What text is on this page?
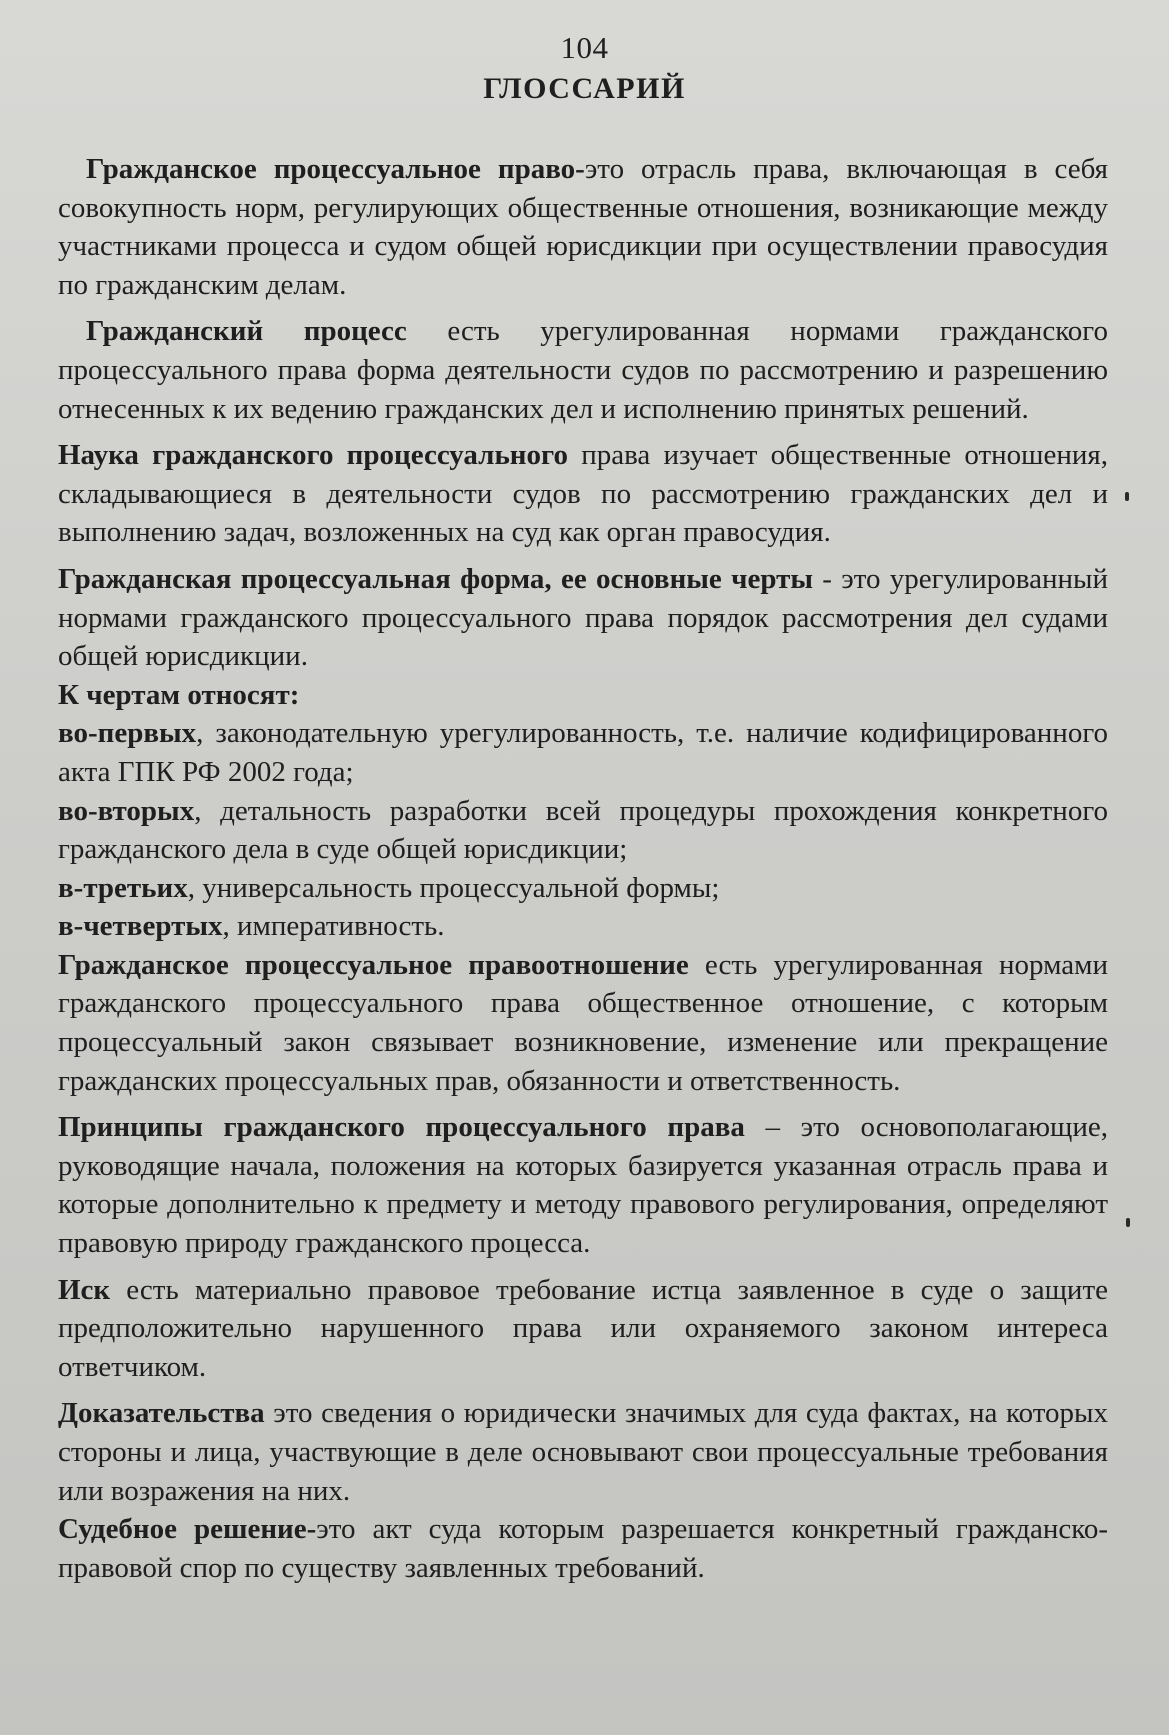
104
ГЛОССАРИЙ

Гражданское процессуальное право-это отрасль права, включающая в себя совокупность норм, регулирующих общественные отношения, возникающие между участниками процесса и судом общей юрисдикции при осуществлении правосудия по гражданским делам.

Гражданский процесс есть урегулированная нормами гражданского процессуального права форма деятельности судов по рассмотрению и разрешению отнесенных к их ведению гражданских дел и исполнению принятых решений.

Наука гражданского процессуального права изучает общественные отношения, складывающиеся в деятельности судов по рассмотрению гражданских дел и выполнению задач, возложенных на суд как орган правосудия.

Гражданская процессуальная форма, ее основные черты - это урегулированный нормами гражданского процессуального права порядок рассмотрения дел судами общей юрисдикции.

К чертам относят:

во-первых, законодательную урегулированность, т.е. наличие кодифицированного акта ГПК РФ 2002 года;

во-вторых, детальность разработки всей процедуры прохождения конкретного гражданского дела в суде общей юрисдикции;

в-третьих, универсальность процессуальной формы;

в-четвертых, императивность.

Гражданское процессуальное правоотношение есть урегулированная нормами гражданского процессуального права общественное отношение, с которым процессуальный закон связывает возникновение, изменение или прекращение гражданских процессуальных прав, обязанности и ответственность.

Принципы гражданского процессуального права – это основополагающие, руководящие начала, положения на которых базируется указанная отрасль права и которые дополнительно к предмету и методу правового регулирования, определяют правовую природу гражданского процесса.

Иск есть материально правовое требование истца заявленное в суде о защите предположительно нарушенного права или охраняемого законом интереса ответчиком.

Доказательства это сведения о юридически значимых для суда фактах, на которых стороны и лица, участвующие в деле основывают свои процессуальные требования или возражения на них.

Судебное решение-это акт суда которым разрешается конкретный гражданско- правовой спор по существу заявленных требований.
